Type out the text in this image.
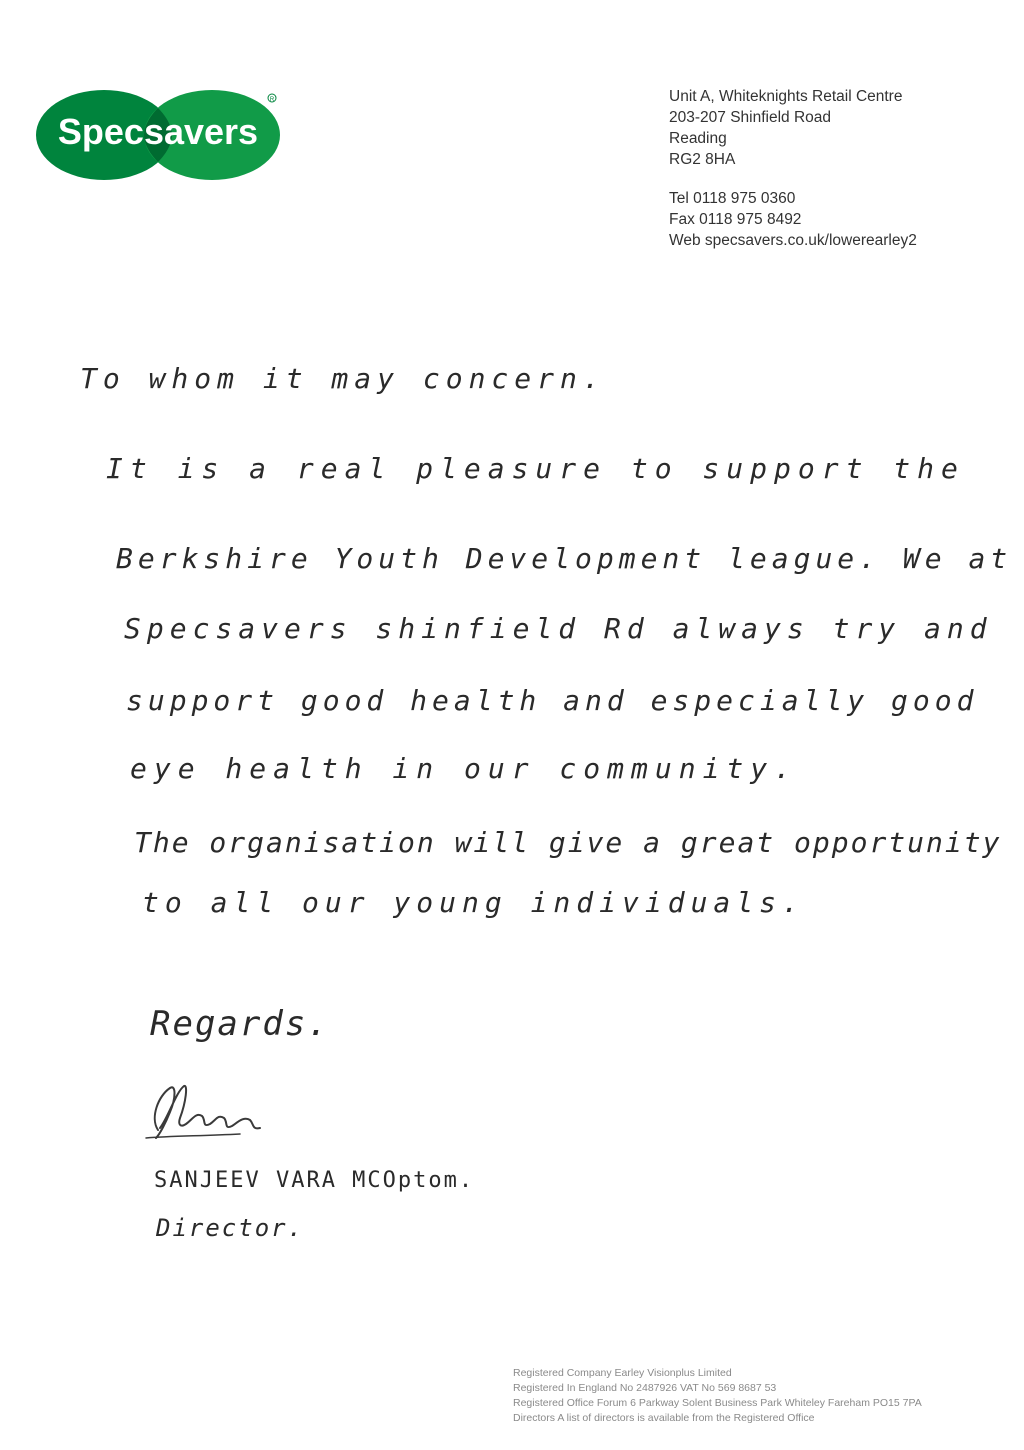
Specsavers
R	Unit A, Whiteknights Retail Centre
203-207 Shinfield Road
Reading
RG2 8HA
Tel 0118 975 0360
Fax 0118 975 8492
Web specsavers.co.uk/lowerearley2
To whom it may concern.
It is a real pleasure to support the
Berkshire Youth Development league. We at
Specsavers shinfield Rd always try and
support good health and especially good
eye health in our community.
The organisation will give a great opportunity
to all our young individuals.
Regards.
SANJEEV VARA MCOptom.
Director.
Registered Company Earley Visionplus Limited
Registered In England No 2487926 VAT No 569 8687 53
Registered Office Forum 6 Parkway Solent Business Park Whiteley Fareham PO15 7PA
Directors A list of directors is available from the Registered Office
